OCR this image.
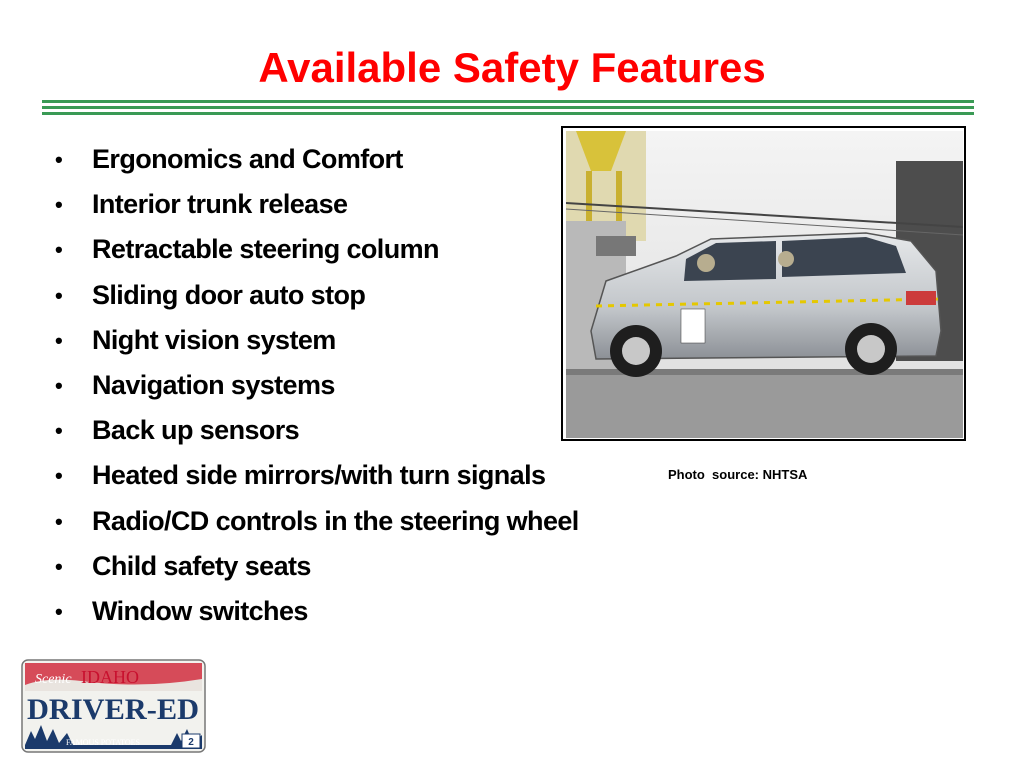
Available Safety Features
• Ergonomics and Comfort
• Interior trunk release
• Retractable steering column
• Sliding door auto stop
• Night vision system
• Navigation systems
• Back up sensors
• Heated side mirrors/with turn signals
• Radio/CD controls in the steering wheel
• Child safety seats
• Window switches
Photo  source: NHTSA
Scenic IDAHO
DRIVER-ED
FAMOUS POTATOES	2
